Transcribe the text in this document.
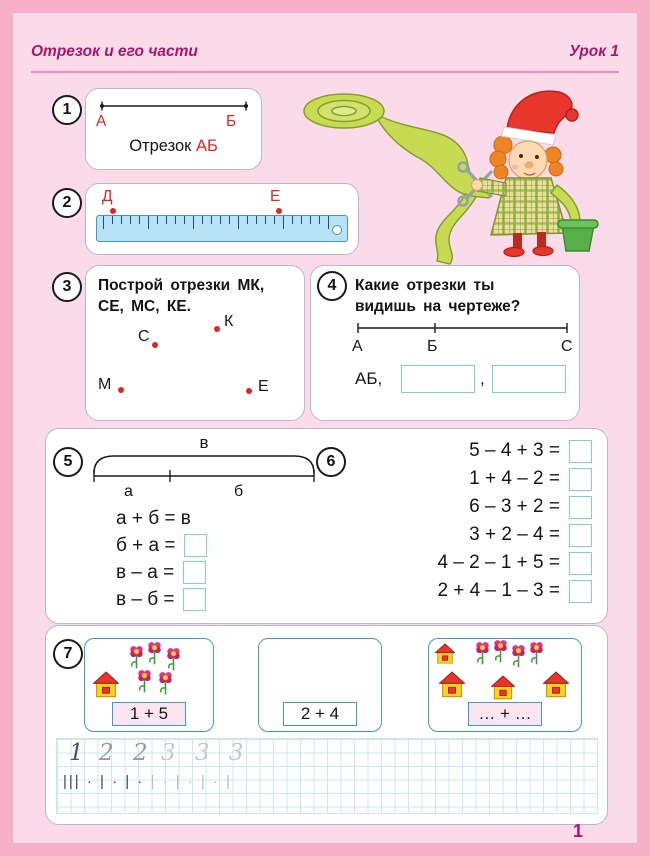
Отрезок и его части	Урок 1
1
А	Б
Отрезок АБ
2	Д	Е
3	Построй отрезки МК,
СЕ, МС, КЕ.
С
К
М	Е
4	Какие отрезки ты
видишь на чертеже?
А	Б	С
АБ,	,
5	6
в
а	б
а + б = в
б + а =
в – а =
в – б =
5 – 4 + 3 =
1 + 4 – 2 =
6 – 3 + 2 =
3 + 2 – 4 =
4 – 2 – 1 + 5 =
2 + 4 – 1 – 3 =
7
1 + 5	2 + 4	… + …
1 2 2 3 3 3
||| · | · | · | · | · | · |
1
